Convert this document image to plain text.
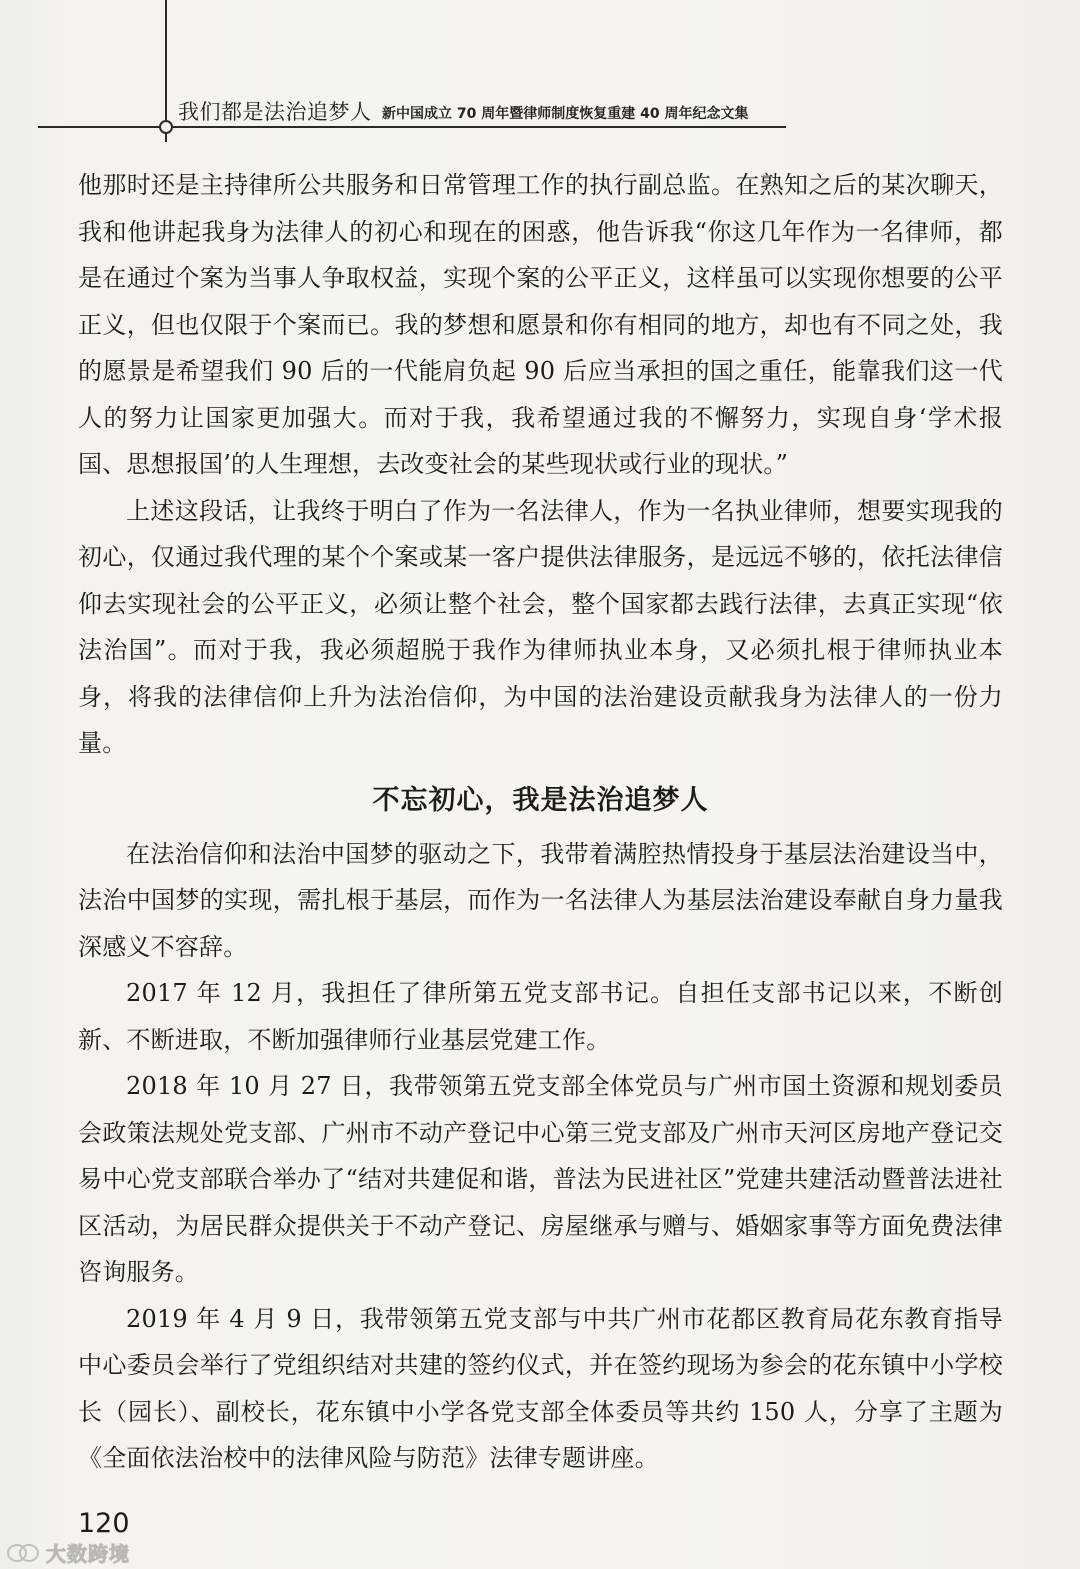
我们都是法治追梦人 新中国成立 70 周年暨律师制度恢复重建 40 周年纪念文集

他那时还是主持律所公共服务和日常管理工作的执行副总监。在熟知之后的某次聊天，我和他讲起我身为法律人的初心和现在的困惑，他告诉我“你这几年作为一名律师，都是在通过个案为当事人争取权益，实现个案的公平正义，这样虽可以实现你想要的公平正义，但也仅限于个案而已。我的梦想和愿景和你有相同的地方，却也有不同之处，我的愿景是希望我们 90 后的一代能肩负起 90 后应当承担的国之重任，能靠我们这一代人的努力让国家更加强大。而对于我，我希望通过我的不懈努力，实现自身‘学术报国、思想报国’的人生理想，去改变社会的某些现状或行业的现状。”

上述这段话，让我终于明白了作为一名法律人，作为一名执业律师，想要实现我的初心，仅通过我代理的某个个案或某一客户提供法律服务，是远远不够的，依托法律信仰去实现社会的公平正义，必须让整个社会，整个国家都去践行法律，去真正实现“依法治国”。而对于我，我必须超脱于我作为律师执业本身，又必须扎根于律师执业本身，将我的法律信仰上升为法治信仰，为中国的法治建设贡献我身为法律人的一份力量。

不忘初心，我是法治追梦人

在法治信仰和法治中国梦的驱动之下，我带着满腔热情投身于基层法治建设当中，法治中国梦的实现，需扎根于基层，而作为一名法律人为基层法治建设奉献自身力量我深感义不容辞。

2017 年 12 月，我担任了律所第五党支部书记。自担任支部书记以来，不断创新、不断进取，不断加强律师行业基层党建工作。

2018 年 10 月 27 日，我带领第五党支部全体党员与广州市国土资源和规划委员会政策法规处党支部、广州市不动产登记中心第三党支部及广州市天河区房地产登记交易中心党支部联合举办了“结对共建促和谐，普法为民进社区”党建共建活动暨普法进社区活动，为居民群众提供关于不动产登记、房屋继承与赠与、婚姻家事等方面免费法律咨询服务。

2019 年 4 月 9 日，我带领第五党支部与中共广州市花都区教育局花东教育指导中心委员会举行了党组织结对共建的签约仪式，并在签约现场为参会的花东镇中小学校长（园长）、副校长，花东镇中小学各党支部全体委员等共约 150 人，分享了主题为《全面依法治校中的法律风险与防范》法律专题讲座。

120
大数跨境
